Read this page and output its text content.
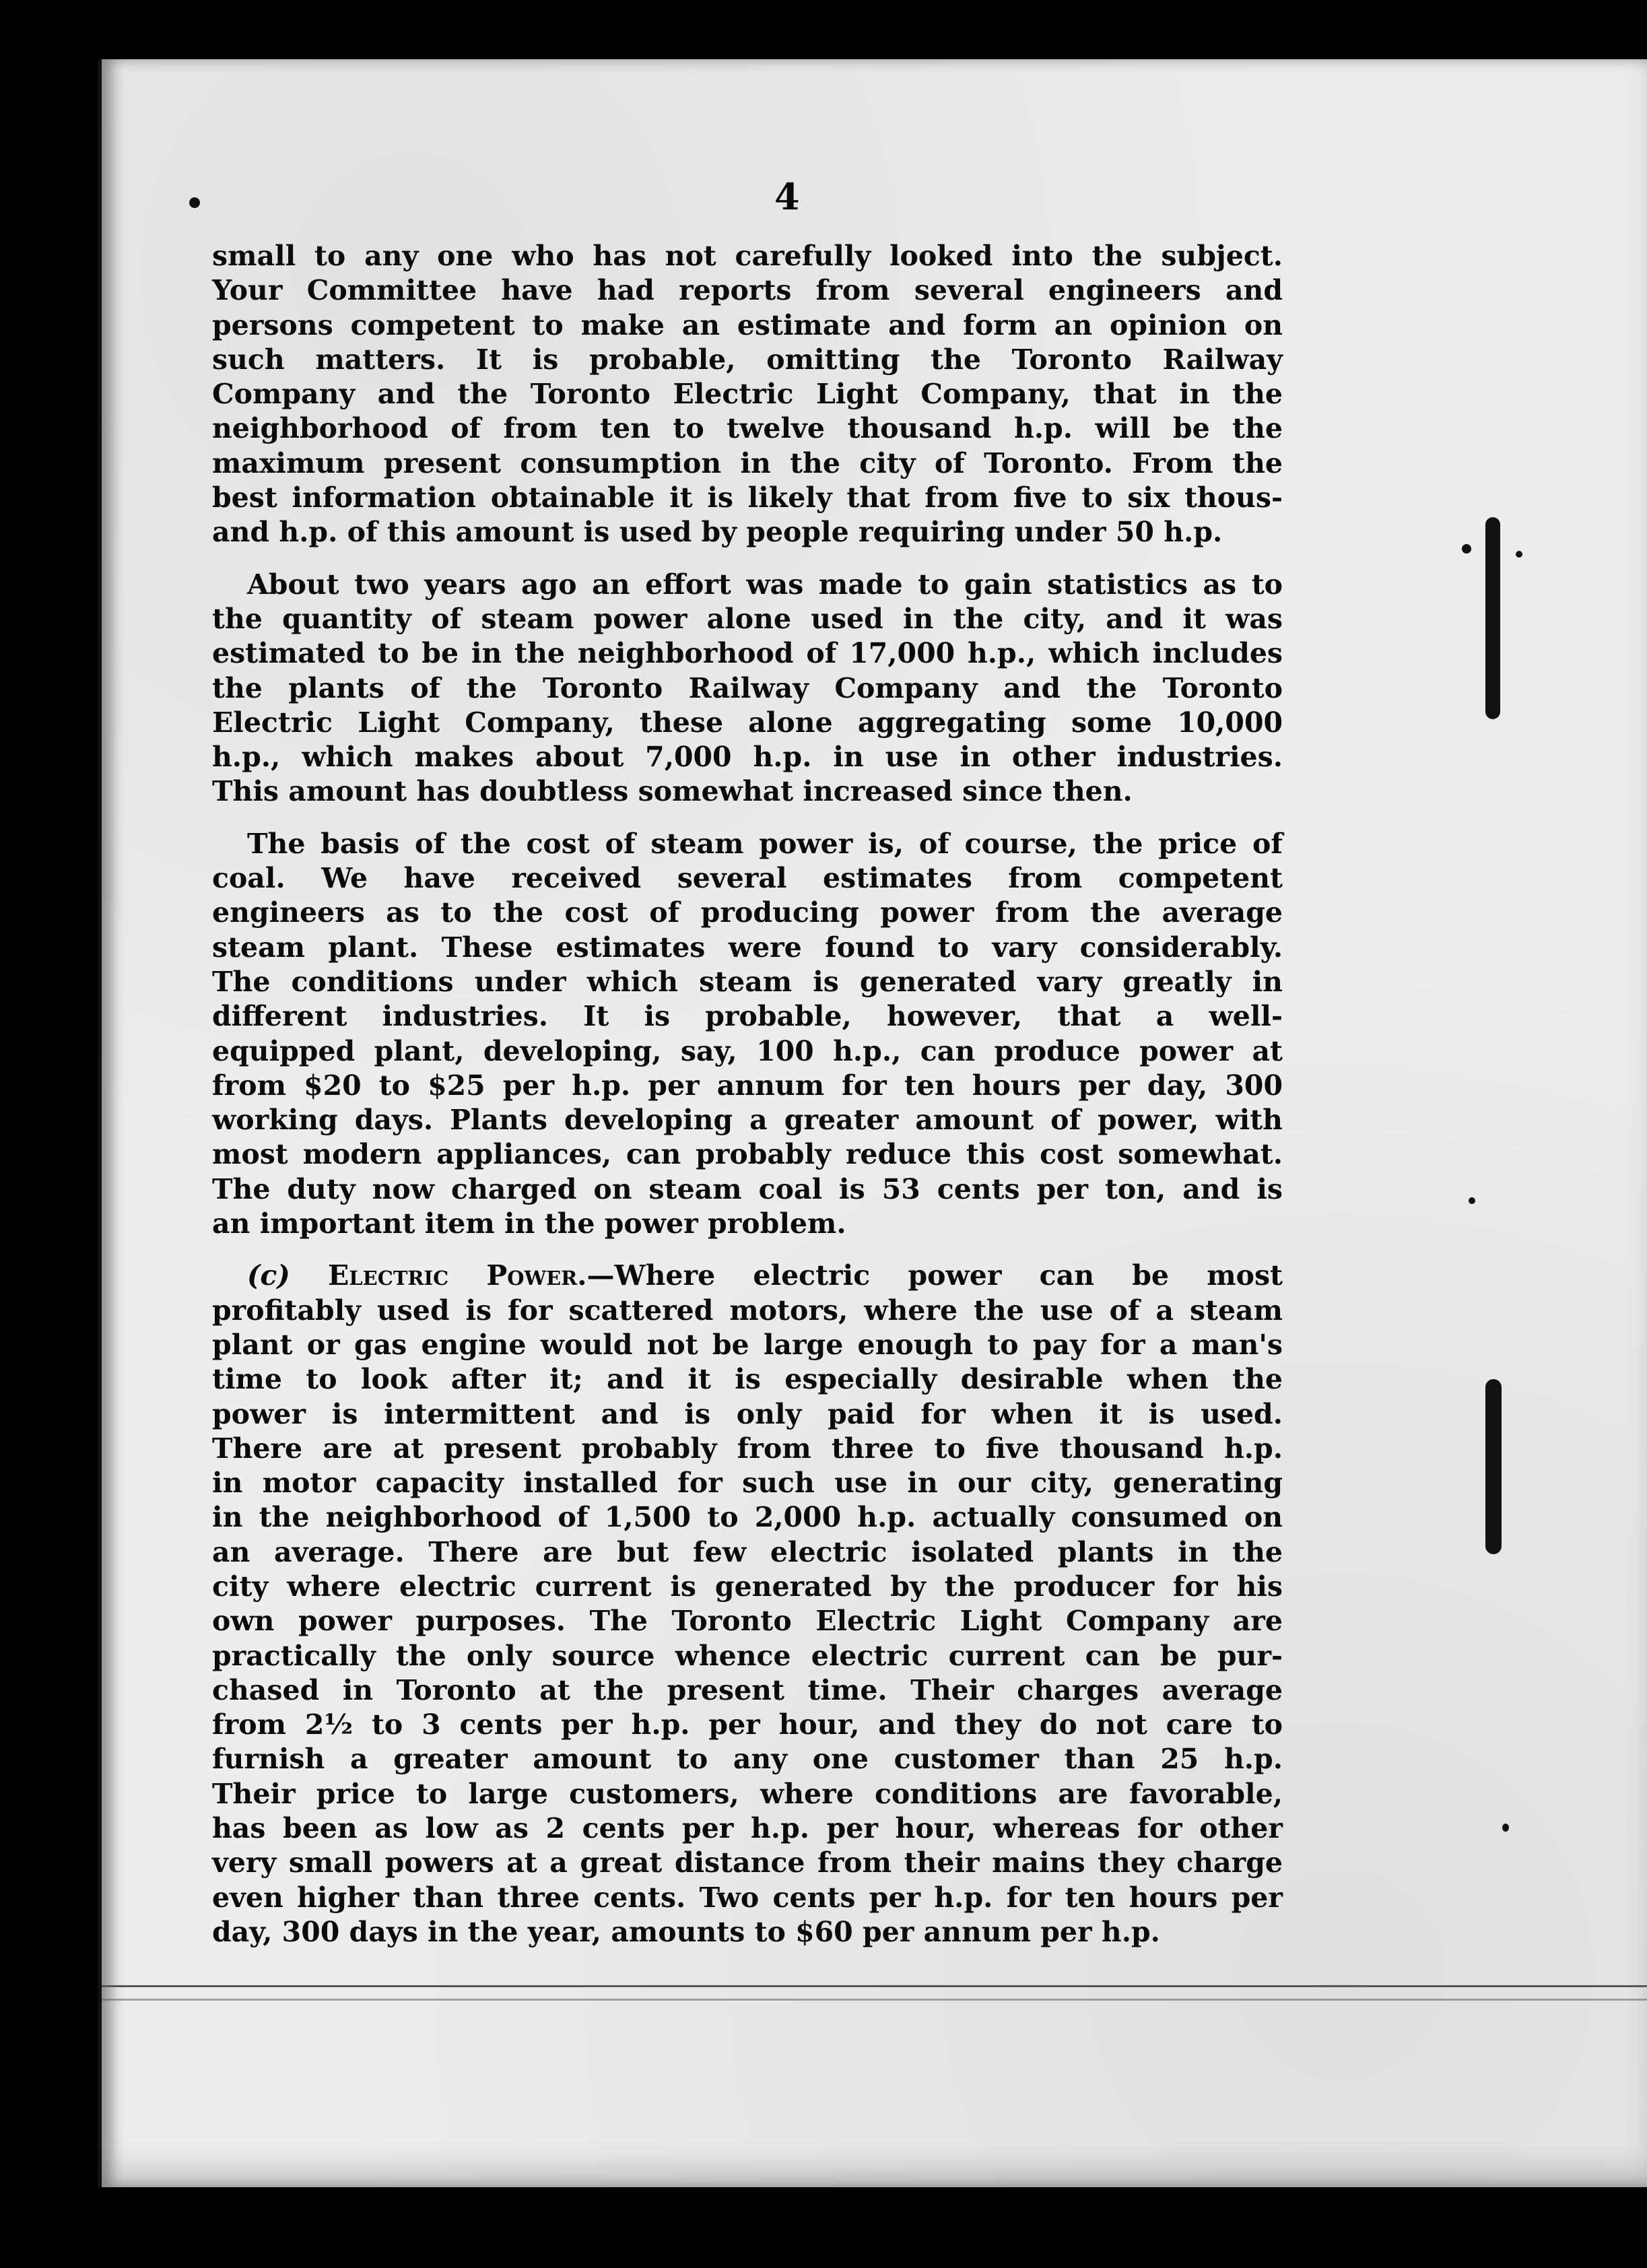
4
small to any one who has not carefully looked into the subject.
Your Committee have had reports from several engineers and
persons competent to make an estimate and form an opinion on
such matters. It is probable, omitting the Toronto Railway
Company and the Toronto Electric Light Company, that in the
neighborhood of from ten to twelve thousand h.p. will be the
maximum present consumption in the city of Toronto. From the
best information obtainable it is likely that from five to six thous-
and h.p. of this amount is used by people requiring under 50 h.p.
About two years ago an effort was made to gain statistics as to
the quantity of steam power alone used in the city, and it was
estimated to be in the neighborhood of 17,000 h.p., which includes
the plants of the Toronto Railway Company and the Toronto
Electric Light Company, these alone aggregating some 10,000
h.p., which makes about 7,000 h.p. in use in other industries.
This amount has doubtless somewhat increased since then.
The basis of the cost of steam power is, of course, the price of
coal. We have received several estimates from competent
engineers as to the cost of producing power from the average
steam plant. These estimates were found to vary considerably.
The conditions under which steam is generated vary greatly in
different industries. It is probable, however, that a well-
equipped plant, developing, say, 100 h.p., can produce power at
from $20 to $25 per h.p. per annum for ten hours per day, 300
working days. Plants developing a greater amount of power, with
most modern appliances, can probably reduce this cost somewhat.
The duty now charged on steam coal is 53 cents per ton, and is
an important item in the power problem.
(c) Electric Power.—Where electric power can be most
profitably used is for scattered motors, where the use of a steam
plant or gas engine would not be large enough to pay for a man's
time to look after it; and it is especially desirable when the
power is intermittent and is only paid for when it is used.
There are at present probably from three to five thousand h.p.
in motor capacity installed for such use in our city, generating
in the neighborhood of 1,500 to 2,000 h.p. actually consumed on
an average. There are but few electric isolated plants in the
city where electric current is generated by the producer for his
own power purposes. The Toronto Electric Light Company are
practically the only source whence electric current can be pur-
chased in Toronto at the present time. Their charges average
from 2½ to 3 cents per h.p. per hour, and they do not care to
furnish a greater amount to any one customer than 25 h.p.
Their price to large customers, where conditions are favorable,
has been as low as 2 cents per h.p. per hour, whereas for other
very small powers at a great distance from their mains they charge
even higher than three cents. Two cents per h.p. for ten hours per
day, 300 days in the year, amounts to $60 per annum per h.p.
